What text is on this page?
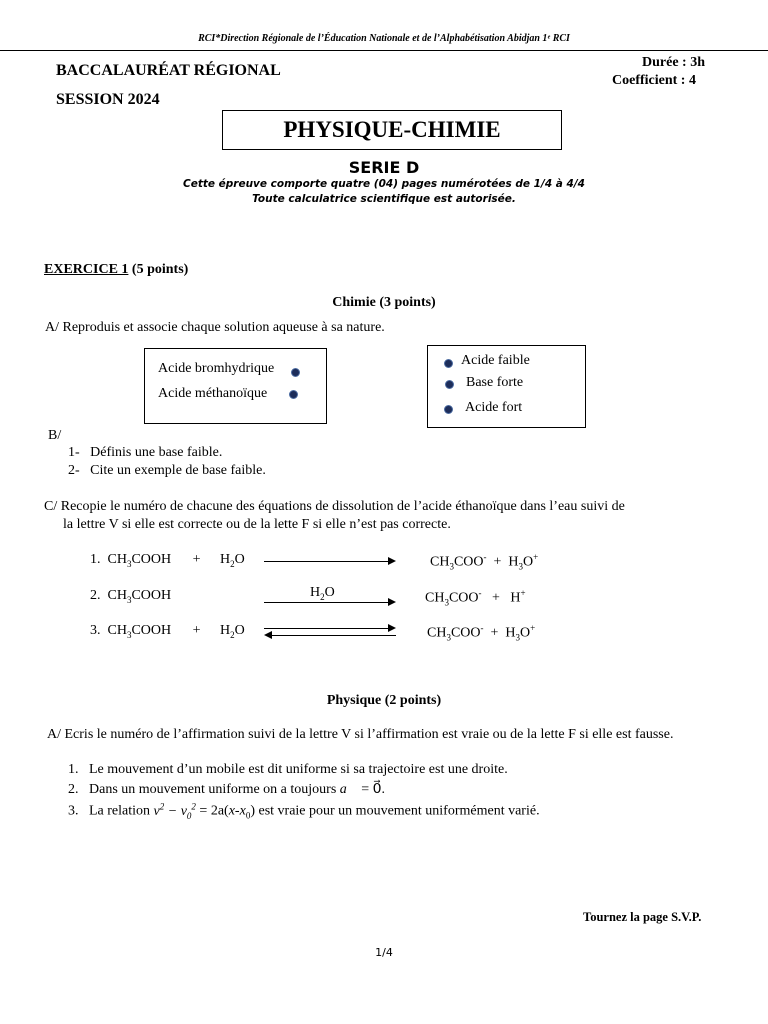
RCI*Direction Régionale de l’Éducation Nationale et de l’Alphabétisation Abidjan 1ᵉ RCI
BACCALAURÉAT RÉGIONAL
SESSION 2024
Durée : 3h
Coefficient : 4
PHYSIQUE-CHIMIE
SERIE D
Cette épreuve comporte quatre (04) pages numérotées de 1/4 à 4/4
Toute calculatrice scientifique est autorisée.
EXERCICE 1 (5 points)
Chimie (3 points)
A/ Reproduis et associe chaque solution aqueuse à sa nature.
Acide bromhydrique
Acide méthanoïque
Acide faible
Base forte
Acide fort
B/
1-   Définis une base faible.
2-   Cite un exemple de base faible.
C/ Recopie le numéro de chacune des équations de dissolution de l’acide éthanoïque dans l’eau suivi de
la lettre V si elle est correcte ou de la lette F si elle n’est pas correcte.
1.  $CH_3COOH + H_2O$	$CH_3COO^- + H_3O^+$
2.  $CH_3COOH$	$H_2O$	$CH_3COO^- + H^+$
3.  $CH_3COOH + H_2O$	$CH_3COO^- + H_3O^+$
Physique (2 points)
A/ Ecris le numéro de l’affirmation suivi de la lettre V si l’affirmation est vraie ou de la lette F si elle est fausse.
1. Le mouvement d’un mobile est dit uniforme si sa trajectoire est une droite.
2. Dans un mouvement uniforme on a toujours a⃗ = 0⃗.
3. La relation $v^2 - v_0^2 = 2a(x-x_0)$ est vraie pour un mouvement uniformément varié.
Tournez la page S.V.P.
1/4
